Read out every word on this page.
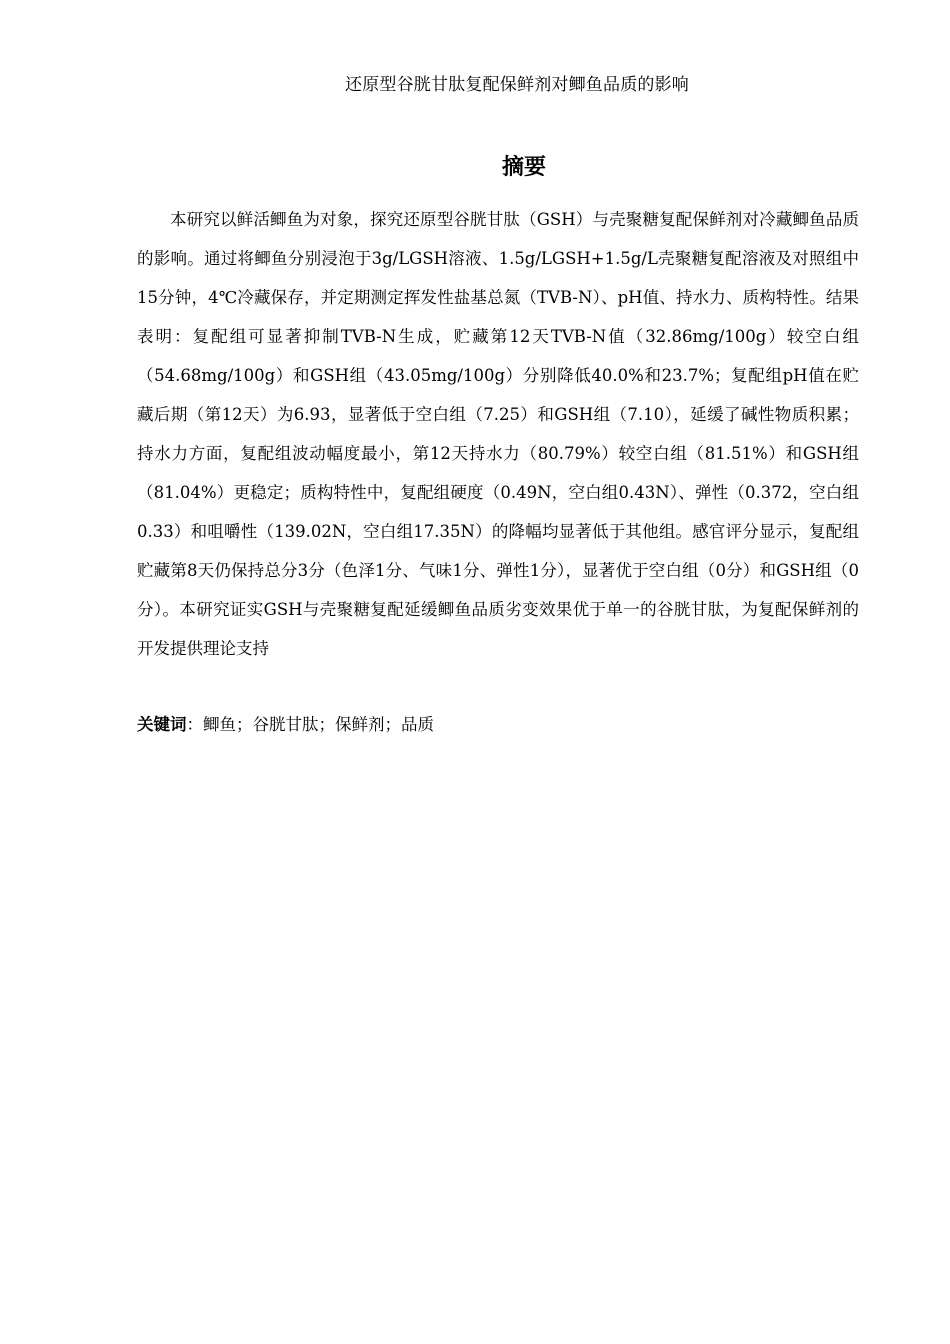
还原型谷胱甘肽复配保鲜剂对鲫鱼品质的影响
摘要

本研究以鲜活鲫鱼为对象，探究还原型谷胱甘肽（GSH）与壳聚糖复配保鲜剂对冷藏鲫鱼品质的影响。通过将鲫鱼分别浸泡于3g/LGSH溶液、1.5g/LGSH+1.5g/L壳聚糖复配溶液及对照组中15分钟，4℃冷藏保存，并定期测定挥发性盐基总氮（TVB-N）、pH值、持水力、质构特性。结果表明：复配组可显著抑制TVB-N生成，贮藏第12天TVB-N值（32.86mg/100g）较空白组（54.68mg/100g）和GSH组（43.05mg/100g）分别降低40.0%和23.7%；复配组pH值在贮藏后期（第12天）为6.93，显著低于空白组（7.25）和GSH组（7.10），延缓了碱性物质积累；持水力方面，复配组波动幅度最小，第12天持水力（80.79%）较空白组（81.51%）和GSH组（81.04%）更稳定；质构特性中，复配组硬度（0.49N，空白组0.43N）、弹性（0.372，空白组0.33）和咀嚼性（139.02N，空白组17.35N）的降幅均显著低于其他组。感官评分显示，复配组贮藏第8天仍保持总分3分（色泽1分、气味1分、弹性1分），显著优于空白组（0分）和GSH组（0分）。本研究证实GSH与壳聚糖复配延缓鲫鱼品质劣变效果优于单一的谷胱甘肽，为复配保鲜剂的开发提供理论支持

关键词：鲫鱼；谷胱甘肽；保鲜剂；品质
